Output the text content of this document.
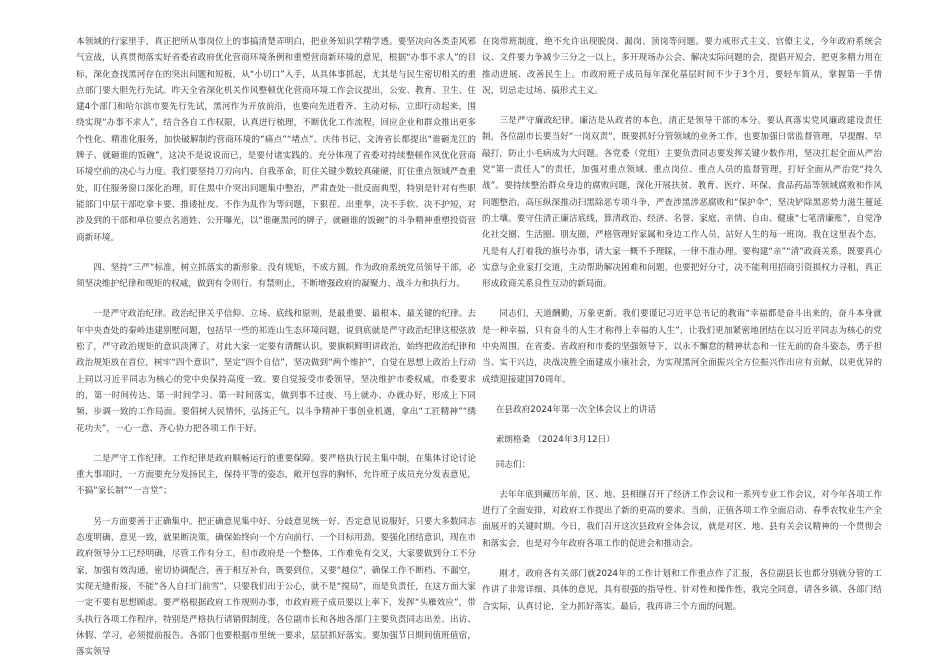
本领域的行家里手，真正把所从事岗位上的事搞清楚弄明白，把业务知识学精学透。要坚决向各类歪风邪气宣战，认真贯彻落实好省委省政府优化营商环境条例和重塑营商新环境的意见，根据“办事不求人”的目标，深化查找黑河存在的突出问题和短板，从“小切口”入手，从具体事抓起，尤其是与民生密切相关的重点部门要大胆先行先试。昨天全省深化机关作风整顿优化营商环境工作会议提出，公安、教育、卫生、住建4个部门和哈尔滨市要先行先试，黑河作为开放前沿，也要向先进看齐、主动对标，立即行动起来，围绕实现“办事不求人”，结合各自工作权限，认真进行梳理，不断优化工作流程，回应企业和群众推出更多个性化、精准化服务，加快破解制约营商环境的“痛点”“堵点”。庆伟书记、文涛省长都提出“谁砸龙江的牌子、就砸谁的饭碗”，这决不是说说而已，是要付诸实践的。充分体现了省委对持续整顿作风优化营商环境空前的决心与力度。我们要坚持刀刃向内、自我革命，盯住关键少数较真碰硬，盯住重点领域严查重处，盯住服务窗口深化治理，盯住黑中介突出问题集中整治，严肃查处一批反面典型，特别是针对有些职能部门中层干部吃拿卡要、推诿扯皮、不作为乱作为等问题，下狠茬、出重拳，决不手软、决不护短，对涉及到的干部和单位要点名道姓、公开曝光，以“谁砸黑河的牌子，就砸谁的饭碗”的斗争精神重塑投资营商新环境。

四、坚持“三严”标准，树立抓落实的新形象。没有规矩，不成方圆。作为政府系统党员领导干部，必须坚决维护纪律和规矩的权威，做到有令则行、有禁则止，不断增强政府的凝聚力、战斗力和执行力。

一是严守政治纪律。政治纪律关乎信仰、立场、底线和原则，是最重要、最根本、最关键的纪律。去年中央查处的秦岭违建别墅问题，包括早一些的祁连山生态环境问题，说到底就是严守政治纪律这根弦放松了，严守政治规矩的意识淡薄了，对此大家一定要有清醒认识。要旗帜鲜明讲政治，始终把政治纪律和政治规矩放在首位，树牢“四个意识”，坚定“四个自信”，坚决做到“两个维护”，自觉在思想上政治上行动上同以习近平同志为核心的党中央保持高度一致。要自觉接受市委领导，坚决维护市委权威，市委要求的，第一时间传达、第一时间学习、第一时间落实，做到事不过夜、马上就办、办就办好，形成上下同频、步调一致的工作局面。要倡树人民情怀，弘扬正气，以斗争精神干事创业机遇，拿出“工匠精神”“绣花功夫”，一心一意、齐心协力把各项工作干好。

二是严守工作纪律。工作纪律是政府顺畅运行的重要保障。要严格执行民主集中制，在集体讨论讨论重大事项时，一方面要充分发扬民主，保持平等的姿态，敞开包容的胸怀，允许班子成员充分发表意见，不搞“家长制”“一言堂”；

另一方面要善于正确集中。把正确意见集中好、分歧意见统一好、否定意见说服好，只要大多数同志态度明确、意见一致，就果断决策，确保始终向一个方向前行、一个目标用劲。要强化团结意识，现在市政府领导分工已经明确，尽管工作有分工，但市政府是一个整体，工作难免有交叉，大家要做到分工不分家，加强有效沟通，密切协调配合，善于相互补台，既要到位，又要“越位”，确保工作不断档、不漏空，实现无缝衔接，不能“各人自扫门前雪”，只要我们出于公心，就不是“搅局”，而是负责任，在这方面大家一定不要有思想顾虑。要严格根据政府工作规则办事，市政府班子成员要以上率下，发挥“头雁效应”，带头执行各项工作程序，特别是严格执行请销假制度，各位副市长和各地各部门主要负责同志出差、出访、休假、学习，必须提前报告。各部门也要根据市里统一要求，层层抓好落实。要加强节日期间值班值宿，落实领导

在岗带班制度，绝不允许出现脱岗、漏岗、顶岗等问题。要力戒形式主义、官僚主义，今年政府系统会议、文件要力争减少三分之一以上，多开现场办公会、解决实际问题的会，提倡开短会，把更多精力用在推动进展、改善民生上。市政府班子成员每年深化基层时间不少于3个月，要轻车简从，掌握第一手情况，切忌走过场、搞形式主义。

三是严守廉政纪律。廉洁是从政者的本色，清正是领导干部的本分。要认真落实党风廉政建设责任制，各位副市长要当好“一岗双责”，既要抓好分管领域的业务工作，也要加强日常监督管理，早提醒、早敲打，防止小毛病成为大问题。各党委（党组）主要负责同志要发挥关键少数作用，坚决扛起全面从严治党“第一责任人”的责任，加强对重点领域、重点岗位、重点人员的监督管理，打好全面从严治党“持久战”。要持续整治群众身边的腐败问题，深化开展扶贫、教育、医疗、环保、食品药品等领域腐败和作风问题整治，高压纵深推动扫黑除恶专项斗争，严查涉黑涉恶腐败和“保护伞”，坚决铲除黑恶势力滋生蔓延的土壤。要守住清正廉洁底线，算清政治、经济、名誉、家庭、亲情、自由、健康“七笔清廉账”，自觉净化社交圈、生活圈、朋友圈，严格管理好家属和身边工作人员，站好人生的每一班岗。我在这里表个态，凡是有人打着我的旗号办事，请大家一概不予理睬，一律不准办理。要构建“亲”“清”政商关系，既要真心实意与企业家打交道，主动帮助解决困难和问题，也要把好分寸，决不能利用招商引资损权力寻租，真正形成政商关系良性互动的新局面。

同志们，天道酬勤，万象更新。我们要谨记习近平总书记的教诲“幸福都是奋斗出来的，奋斗本身就是一种幸福，只有奋斗的人生才称得上幸福的人生”，让我们更加紧密地团结在以习近平同志为核心的党中央周围，在省委、省政府和市委的坚强领导下，以永不懈怠的精神状态和一往无前的奋斗姿态，勇于担当、实干兴边，决战决胜全面建成小康社会，为实现黑河全面振兴全方位振兴作出应有贡献，以更优异的成绩迎接建国70周年。

在县政府2024年第一次全体会议上的讲话

索朗格桑 （2024年3月12日）

同志们：

去年年底到藏历年前，区、地、县相继召开了经济工作会议和一系列专业工作会议，对今年各项工作进行了全面安排，对政府工作提出了新的更高的要求。当前，正值各项工作全面启动、春季农牧业生产全面展开的关键时期。今日，我们召开这次县政府全体会议，就是对区、地、县有关会议精神的一个贯彻会和落实会，也是对今年政府各项工作的促进会和推动会。

刚才，政府各有关部门就2024年的工作计划和工作重点作了汇报，各位副县长也都分别就分管的工作讲了非常详细、具体的意见，具有很强的指导性、针对性和操作性，我完全同意，请各乡镇、各部门结合实际，认真讨论，全力抓好落实。最后，我再讲三个方面的问题。
